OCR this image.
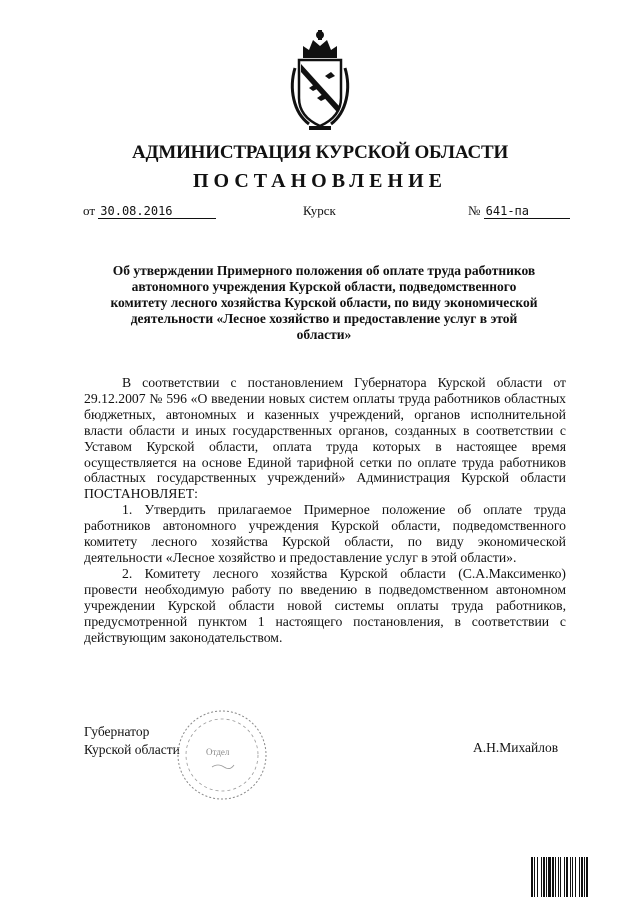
АДМИНИСТРАЦИЯ КУРСКОЙ ОБЛАСТИ
ПОСТАНОВЛЕНИЕ
от 30.08.2016	Курск	№ 641-па
Об утверждении Примерного положения об оплате труда работников
автономного учреждения Курской области, подведомственного
комитету лесного хозяйства Курской области, по виду экономической
деятельности «Лесное хозяйство и предоставление услуг в этой
области»

В соответствии с постановлением Губернатора Курской области от 29.12.2007 № 596 «О введении новых систем оплаты труда работников областных бюджетных, автономных и казенных учреждений, органов исполнительной власти области и иных государственных органов, созданных в соответствии с Уставом Курской области, оплата труда которых в настоящее время осуществляется на основе Единой тарифной сетки по оплате труда работников областных государственных учреждений» Администрация Курской области ПОСТАНОВЛЯЕТ:

1. Утвердить прилагаемое Примерное положение об оплате труда работников автономного учреждения Курской области, подведомственного комитету лесного хозяйства Курской области, по виду экономической деятельности «Лесное хозяйство и предоставление услуг в этой области».

2. Комитету лесного хозяйства Курской области (С.А.Максименко) провести необходимую работу по введению в подведомственном автономном учреждении Курской области новой системы оплаты труда работников, предусмотренной пунктом 1 настоящего постановления, в соответствии с действующим законодательством.

Губернатор
Курской области	Отдел	А.Н.Михайлов
